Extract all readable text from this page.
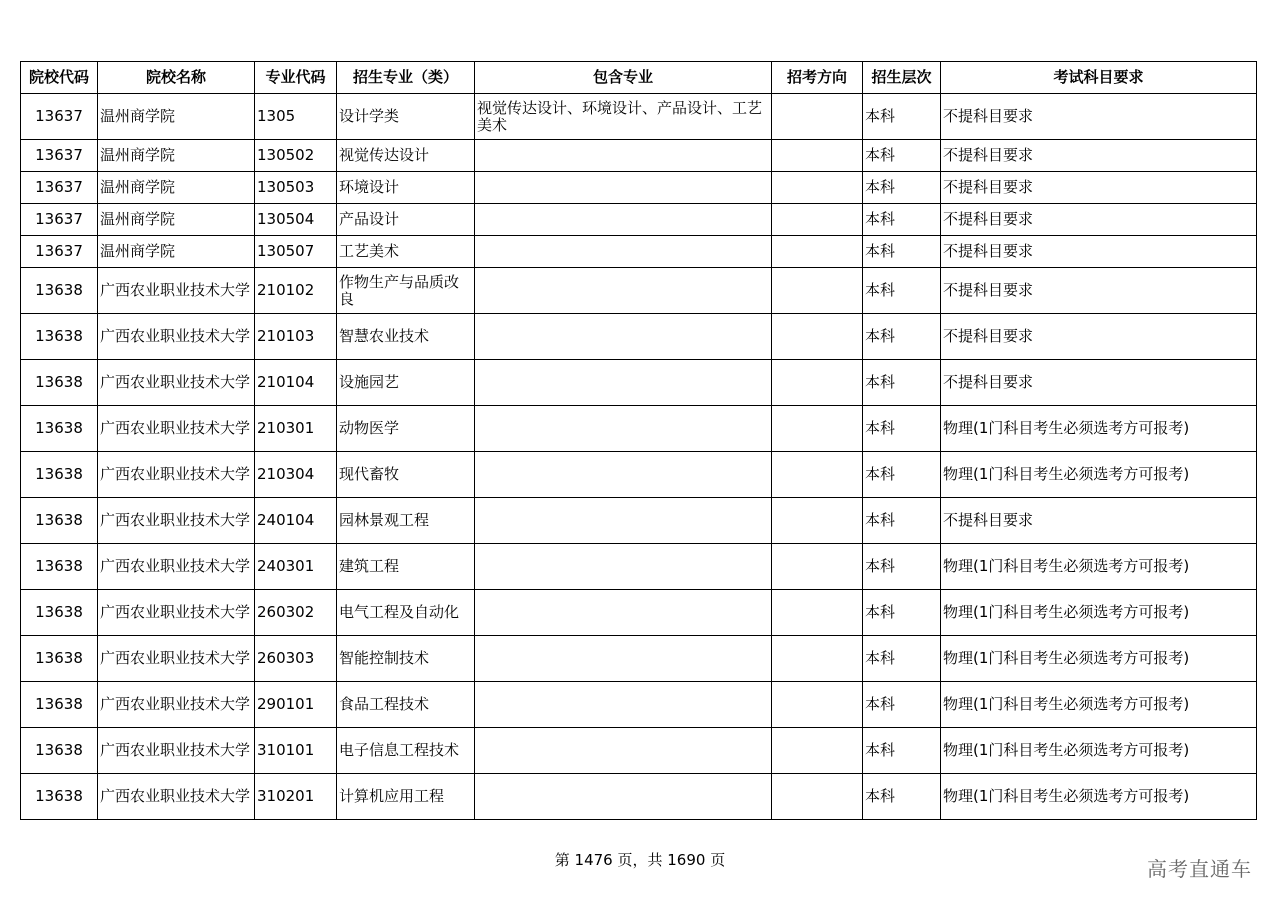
院校代码	院校名称	专业代码	招生专业（类）	包含专业	招考方向	招生层次	考试科目要求
13637	温州商学院	1305	设计学类	视觉传达设计、环境设计、产品设计、工艺美术		本科	不提科目要求
13637	温州商学院	130502	视觉传达设计			本科	不提科目要求
13637	温州商学院	130503	环境设计			本科	不提科目要求
13637	温州商学院	130504	产品设计			本科	不提科目要求
13637	温州商学院	130507	工艺美术			本科	不提科目要求
13638	广西农业职业技术大学	210102	作物生产与品质改良			本科	不提科目要求
13638	广西农业职业技术大学	210103	智慧农业技术			本科	不提科目要求
13638	广西农业职业技术大学	210104	设施园艺			本科	不提科目要求
13638	广西农业职业技术大学	210301	动物医学			本科	物理(1门科目考生必须选考方可报考)
13638	广西农业职业技术大学	210304	现代畜牧			本科	物理(1门科目考生必须选考方可报考)
13638	广西农业职业技术大学	240104	园林景观工程			本科	不提科目要求
13638	广西农业职业技术大学	240301	建筑工程			本科	物理(1门科目考生必须选考方可报考)
13638	广西农业职业技术大学	260302	电气工程及自动化			本科	物理(1门科目考生必须选考方可报考)
13638	广西农业职业技术大学	260303	智能控制技术			本科	物理(1门科目考生必须选考方可报考)
13638	广西农业职业技术大学	290101	食品工程技术			本科	物理(1门科目考生必须选考方可报考)
13638	广西农业职业技术大学	310101	电子信息工程技术			本科	物理(1门科目考生必须选考方可报考)
13638	广西农业职业技术大学	310201	计算机应用工程			本科	物理(1门科目考生必须选考方可报考)
第 1476 页，共 1690 页	高考直通车
